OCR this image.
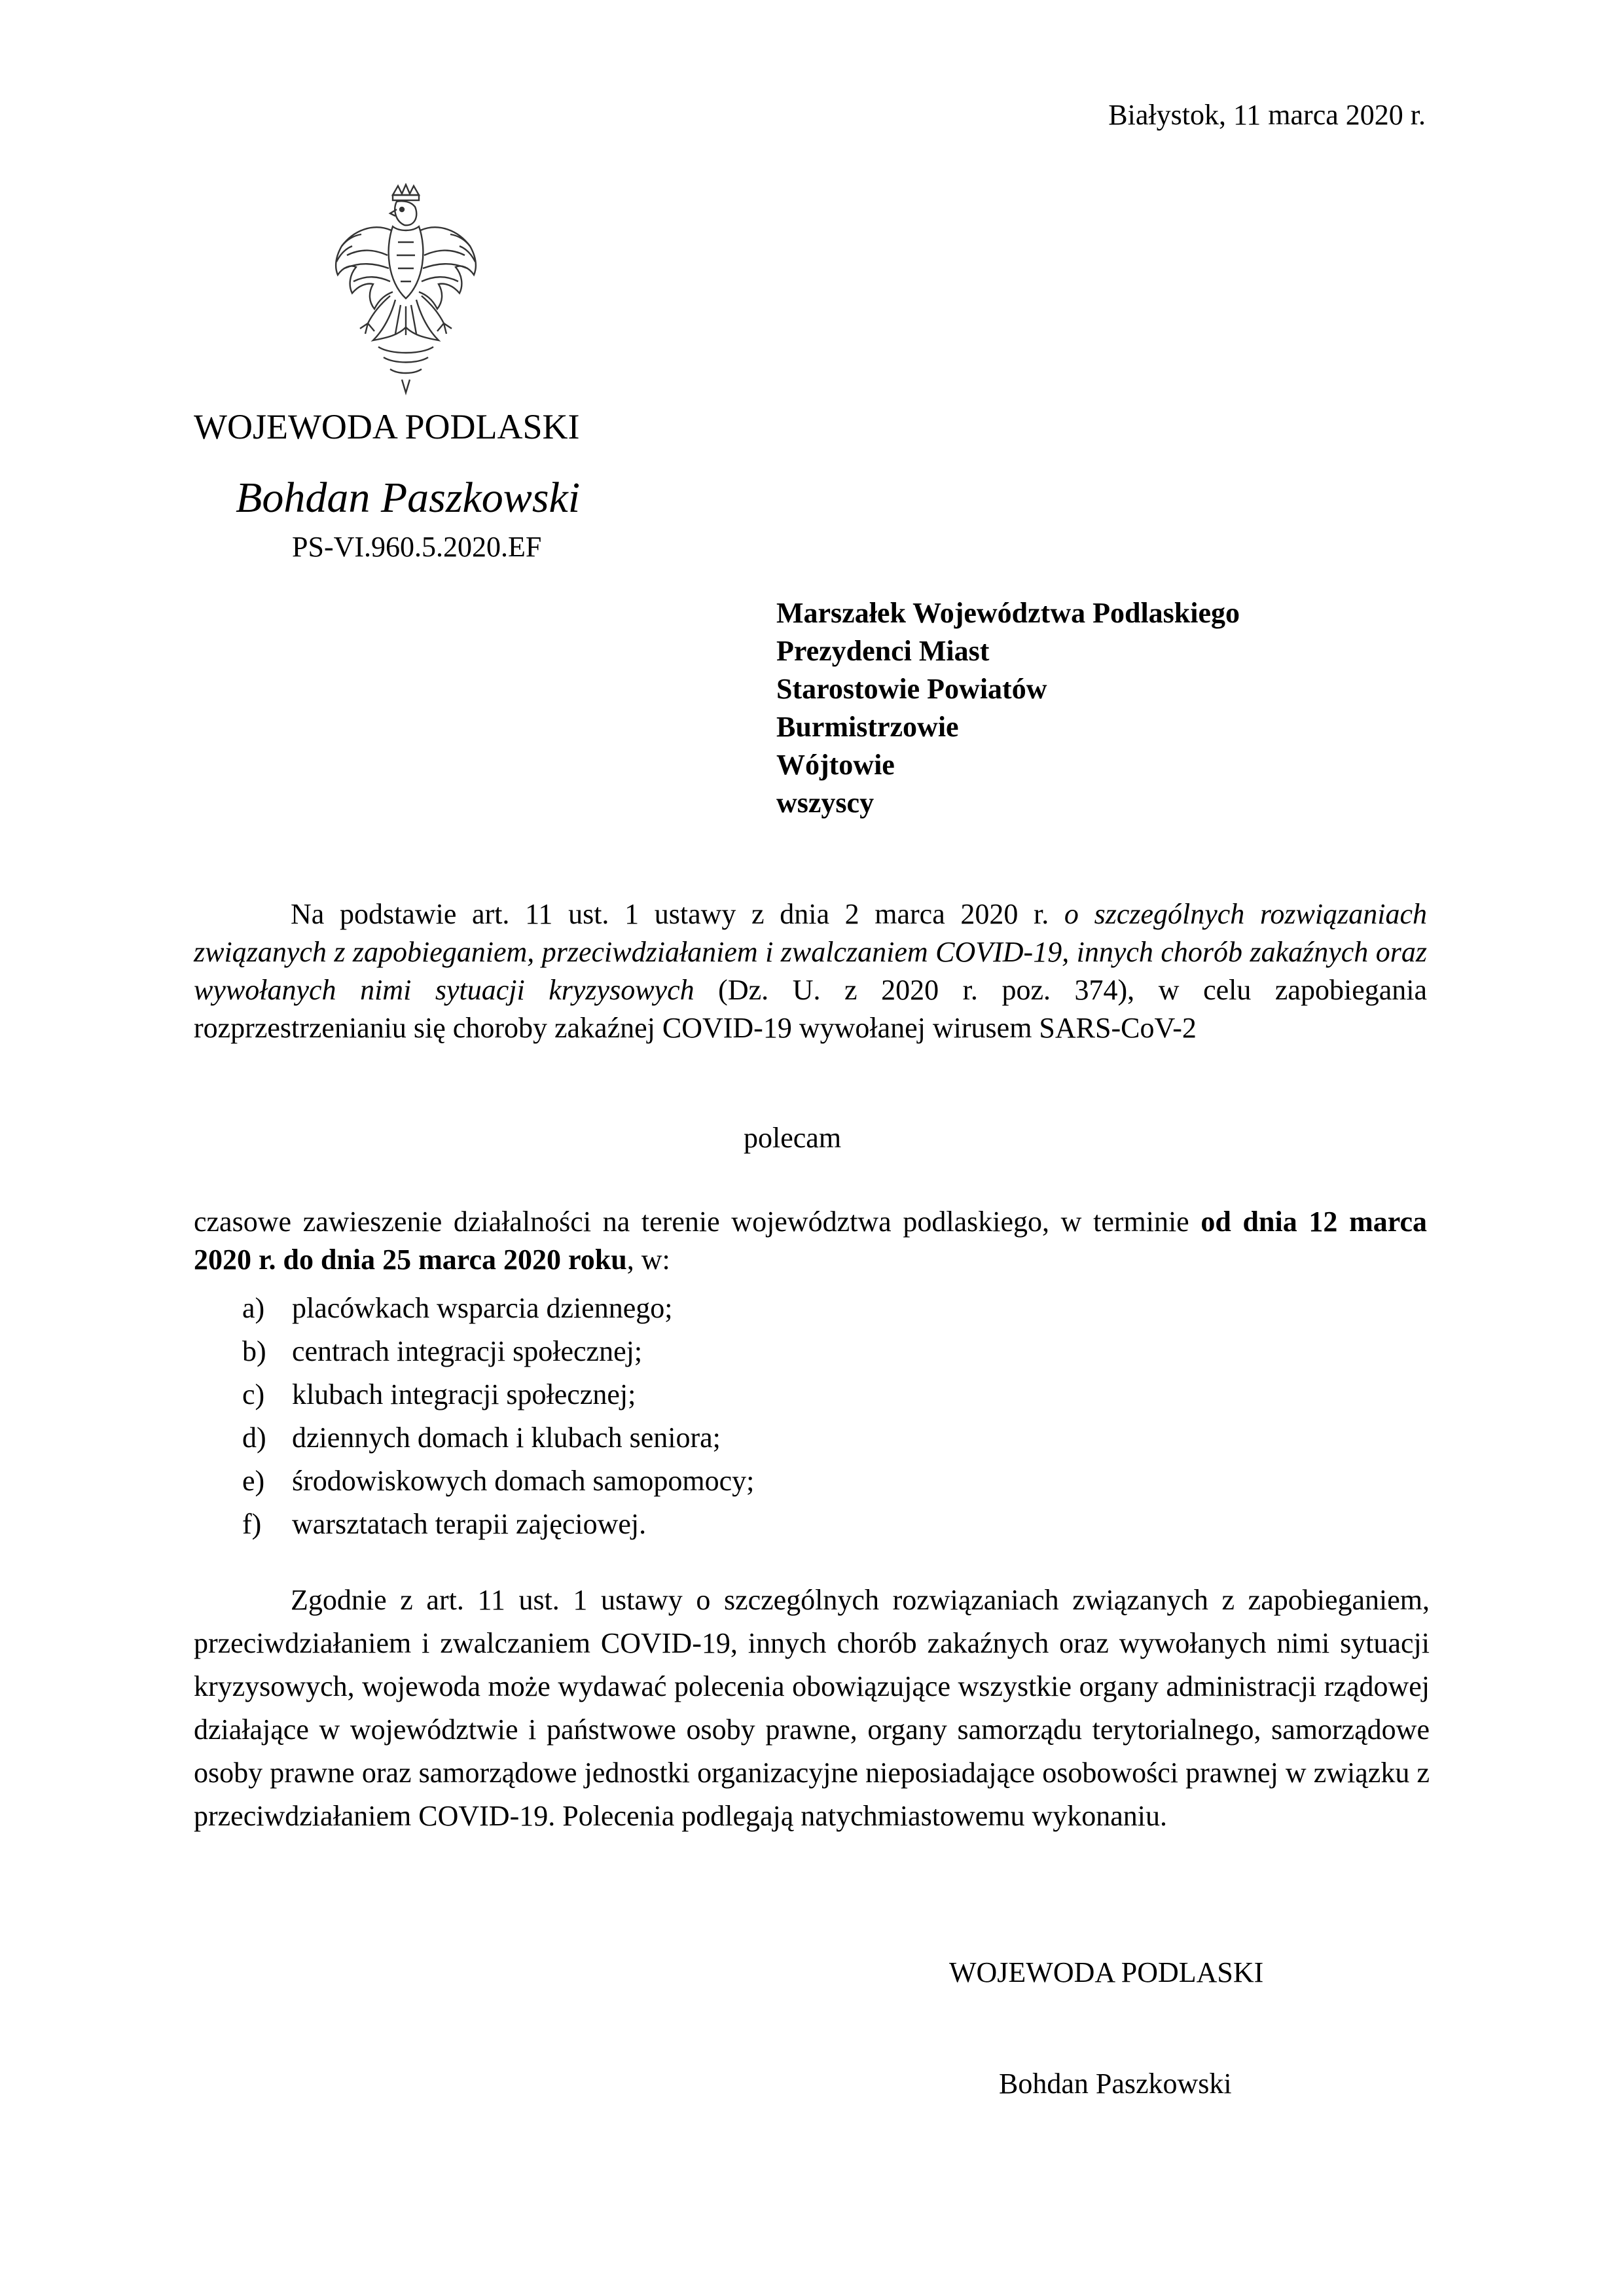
Białystok, 11 marca 2020 r.
WOJEWODA PODLASKI
Bohdan Paszkowski
PS-VI.960.5.2020.EF
Marszałek Województwa Podlaskiego
Prezydenci Miast
Starostowie Powiatów
Burmistrzowie
Wójtowie
wszyscy
Na podstawie art. 11 ust. 1 ustawy z dnia 2 marca 2020 r. o szczególnych rozwiązaniach związanych z zapobieganiem, przeciwdziałaniem i zwalczaniem COVID-19, innych chorób zakaźnych oraz wywołanych nimi sytuacji kryzysowych (Dz. U. z 2020 r. poz. 374), w celu zapobiegania rozprzestrzenianiu się choroby zakaźnej COVID-19 wywołanej wirusem SARS-CoV-2
polecam
czasowe zawieszenie działalności na terenie województwa podlaskiego, w terminie od dnia 12 marca 2020 r. do dnia 25 marca 2020 roku, w:
a) placówkach wsparcia dziennego;
b) centrach integracji społecznej;
c) klubach integracji społecznej;
d) dziennych domach i klubach seniora;
e) środowiskowych domach samopomocy;
f)	warsztatach terapii zajęciowej.
Zgodnie z art. 11 ust. 1 ustawy o szczególnych rozwiązaniach związanych z zapobieganiem, przeciwdziałaniem i zwalczaniem COVID-19, innych chorób zakaźnych oraz wywołanych nimi sytuacji kryzysowych, wojewoda może wydawać polecenia obowiązujące wszystkie organy administracji rządowej działające w województwie i państwowe osoby prawne, organy samorządu terytorialnego, samorządowe osoby prawne oraz samorządowe jednostki organizacyjne nieposiadające osobowości prawnej w związku z przeciwdziałaniem COVID-19. Polecenia podlegają natychmiastowemu wykonaniu.
WOJEWODA PODLASKI
Bohdan Paszkowski
